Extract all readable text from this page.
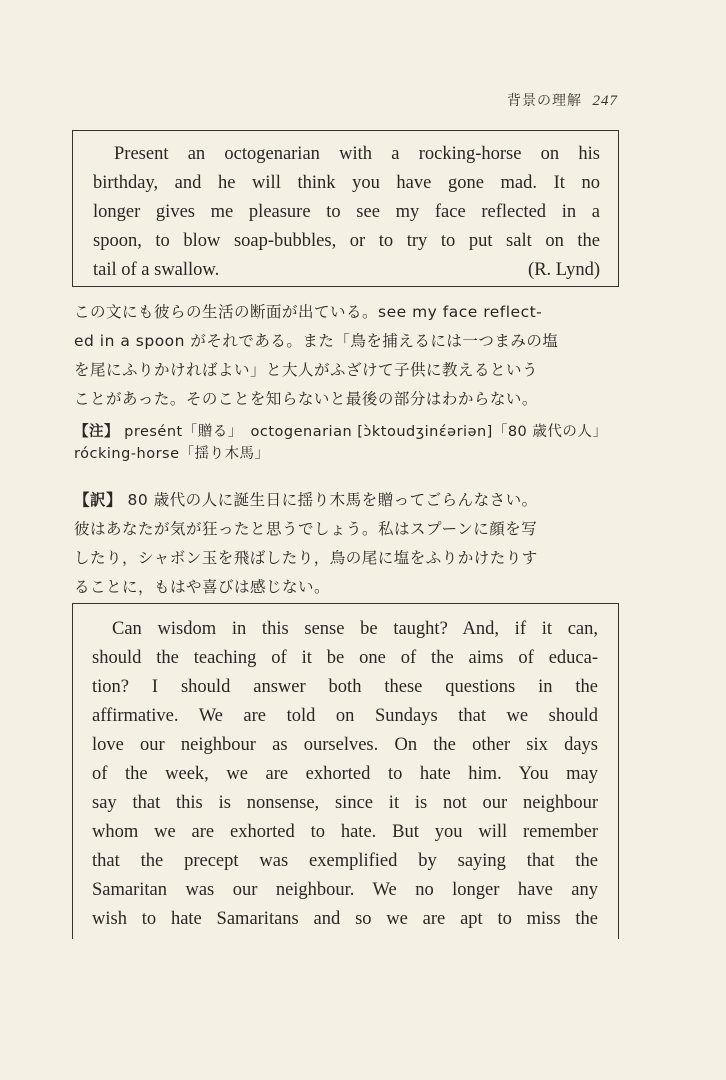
背景の理解 247
Present an octogenarian with a rocking-horse on his
birthday, and he will think you have gone mad. It no
longer gives me pleasure to see my face reflected in a
spoon, to blow soap-bubbles, or to try to put salt on the
tail of a swallow.	(R. Lynd)
この文にも彼らの生活の断面が出ている。see my face reflect-
ed in a spoon がそれである。また「鳥を捕えるには一つまみの塩
を尾にふりかければよい」と大人がふざけて子供に教えるという
ことがあった。そのことを知らないと最後の部分はわからない。
【注】 presént「贈る」　octogenarian [ɔ̀ktoudʒinέəriən]「80 歳代の人」
rócking-horse「揺り木馬」
【訳】 80 歳代の人に誕生日に揺り木馬を贈ってごらんなさい。
彼はあなたが気が狂ったと思うでしょう。私はスプーンに顔を写
したり，シャボン玉を飛ばしたり，鳥の尾に塩をふりかけたりす
ることに，もはや喜びは感じない。
Can wisdom in this sense be taught? And, if it can,
should the teaching of it be one of the aims of educa-
tion? I should answer both these questions in the
affirmative. We are told on Sundays that we should
love our neighbour as ourselves. On the other six days
of the week, we are exhorted to hate him. You may
say that this is nonsense, since it is not our neighbour
whom we are exhorted to hate. But you will remember
that the precept was exemplified by saying that the
Samaritan was our neighbour. We no longer have any
wish to hate Samaritans and so we are apt to miss the
